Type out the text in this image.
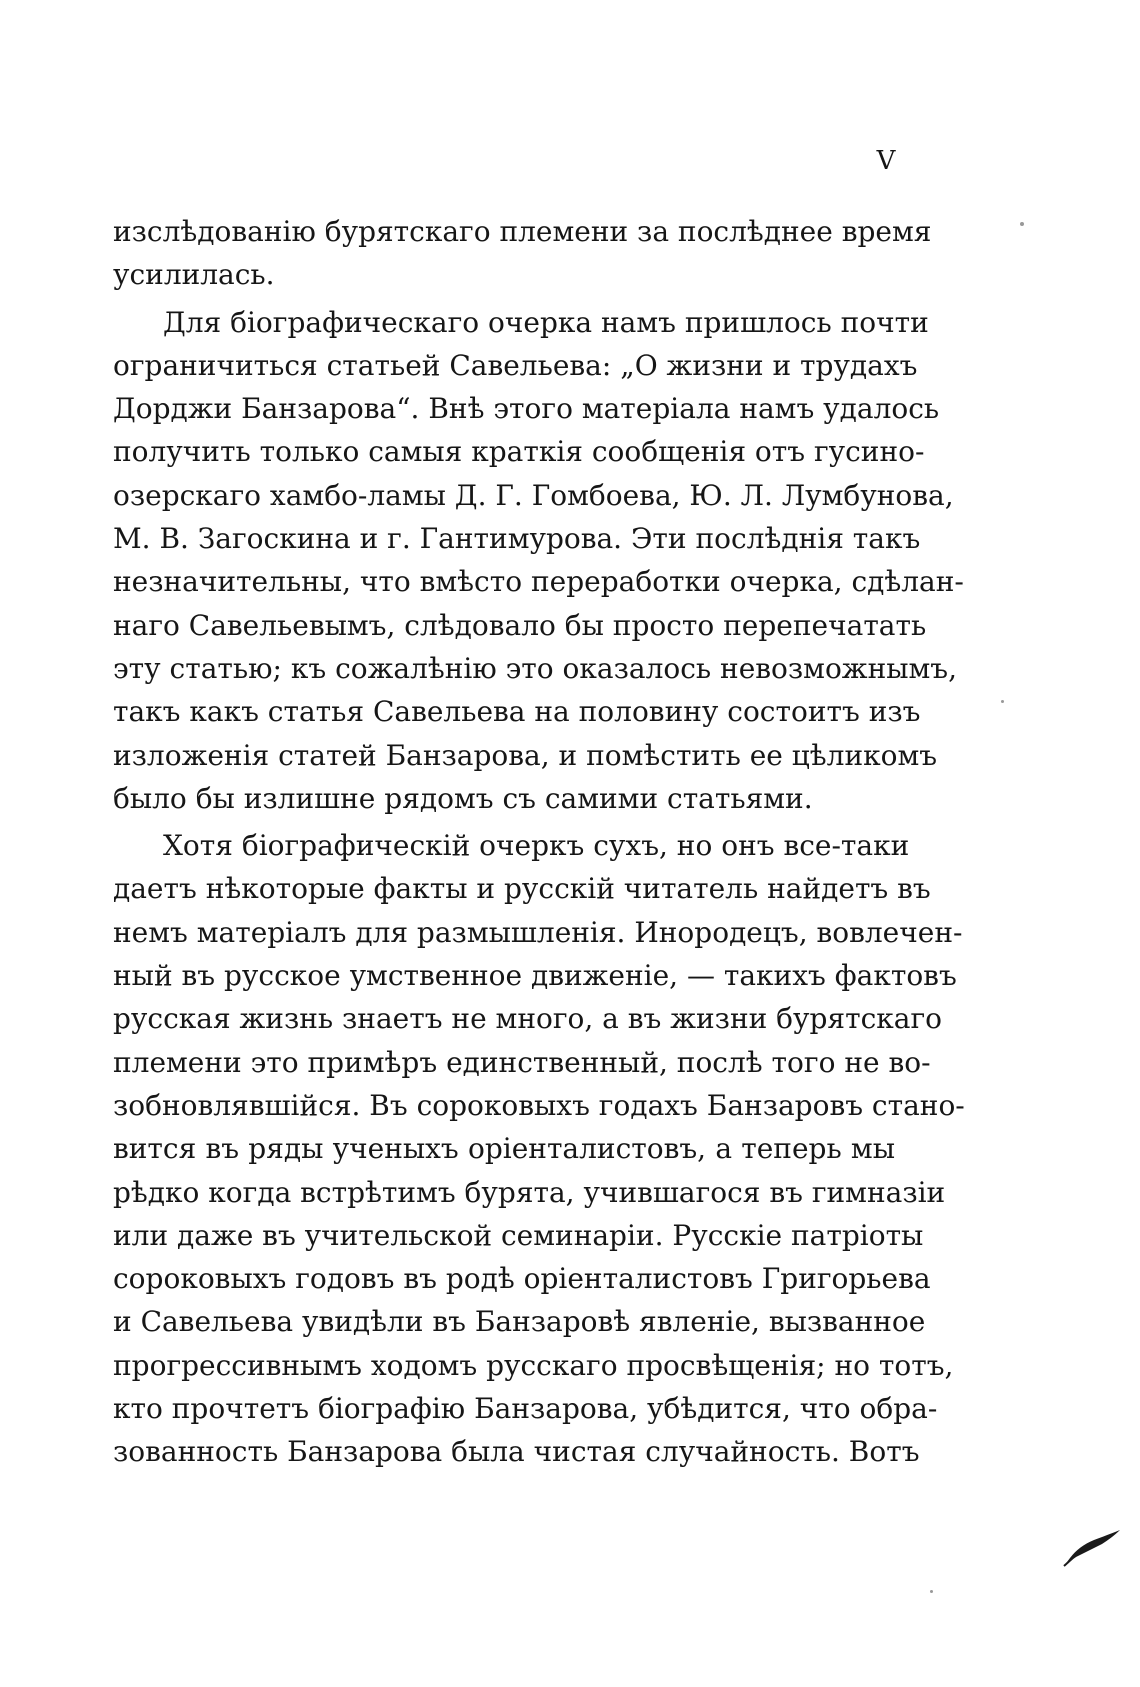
V

изслѣдованію бурятскаго племени за послѣднее время
усилилась.

Для біографическаго очерка намъ пришлось почти
ограничиться статьей Савельева: „О жизни и трудахъ
Дорджи Банзарова“. Внѣ этого матеріала намъ удалось
получить только самыя краткія сообщенія отъ гусино-
озерскаго хамбо-ламы Д. Г. Гомбоева, Ю. Л. Лумбунова,
М. В. Загоскина и г. Гантимурова. Эти послѣднія такъ
незначительны, что вмѣсто переработки очерка, сдѣлан-
наго Савельевымъ, слѣдовало бы просто перепечатать
эту статью; къ сожалѣнію это оказалось невозможнымъ,
такъ какъ статья Савельева на половину состоитъ изъ
изложенія статей Банзарова, и помѣстить ее цѣликомъ
было бы излишне рядомъ съ самими статьями.

Хотя біографическій очеркъ сухъ, но онъ все-таки
даетъ нѣкоторые факты и русскій читатель найдетъ въ
немъ матеріалъ для размышленія. Инородецъ, вовлечен-
ный въ русское умственное движеніе, — такихъ фактовъ
русская жизнь знаетъ не много, а въ жизни бурятскаго
племени это примѣръ единственный, послѣ того не во-
зобновлявшійся. Въ сороковыхъ годахъ Банзаровъ стано-
вится въ ряды ученыхъ оріенталистовъ, а теперь мы
рѣдко когда встрѣтимъ бурята, учившагося въ гимназіи
или даже въ учительской семинаріи. Русскіе патріоты
сороковыхъ годовъ въ родѣ оріенталистовъ Григорьева
и Савельева увидѣли въ Банзаровѣ явленіе, вызванное
прогрессивнымъ ходомъ русскаго просвѣщенія; но тотъ,
кто прочтетъ біографію Банзарова, убѣдится, что обра-
зованность Банзарова была чистая случайность. Вотъ
